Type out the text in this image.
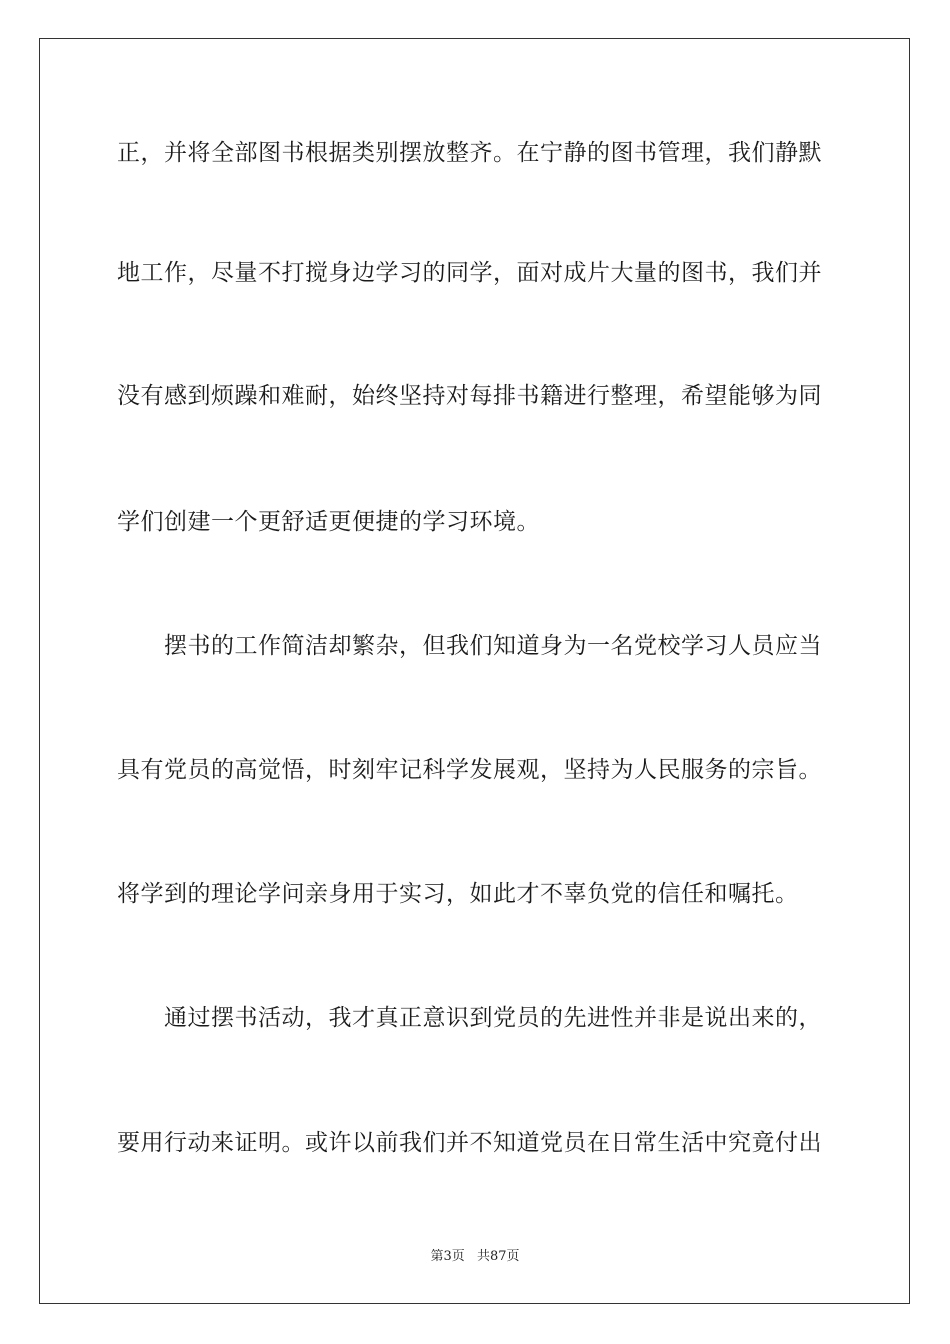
正，并将全部图书根据类别摆放整齐。在宁静的图书管理，我们静默
地工作，尽量不打搅身边学习的同学，面对成片大量的图书，我们并
没有感到烦躁和难耐，始终坚持对每排书籍进行整理，希望能够为同
学们创建一个更舒适更便捷的学习环境。
　　摆书的工作简洁却繁杂，但我们知道身为一名党校学习人员应当
具有党员的高觉悟，时刻牢记科学发展观，坚持为人民服务的宗旨。
将学到的理论学问亲身用于实习，如此才不辜负党的信任和嘱托。
　　通过摆书活动，我才真正意识到党员的先进性并非是说出来的，
要用行动来证明。或许以前我们并不知道党员在日常生活中究竟付出
第3页 共87页
